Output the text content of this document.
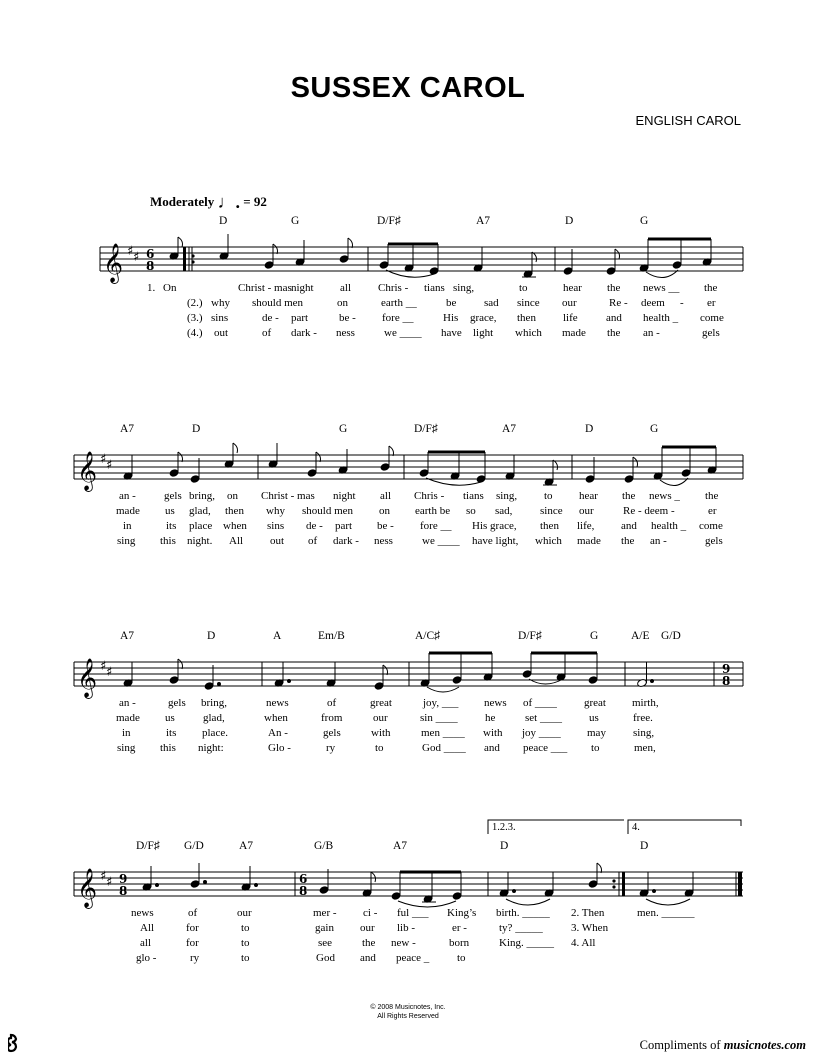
SUSSEX CAROL
ENGLISH CAROL
Moderately ♩. = 92
D	G	D/F♯	A7	D	G
𝄞 ♯ ♯ 6
8
1.
(2.)
(3.)
(4.)
On	Christ - mas night all Chris - tians sing,	to	hear the news __ the
why should men	on	earth __	be	sad since our	Re - deem - er
sins	de - part	be - fore __	His grace, then life	and health _ come
out	of dark - ness	we ____ have light which made the an -	gels
A7	D	G	D/F♯	A7	D	G
𝄞 ♯ ♯
an -	gels bring, on Christ - mas night all Chris - tians sing, to hear the news _ the
made us glad, then why should men on earth be so sad,	since our	Re - deem -	er
in	its place when sins de - part be - fore __ His grace, then life, and health _ come
sing this night. All out of dark - ness	we ____ have light, which made the an -	gels
A7	D	A	Em/B	A/C♯	D/F♯	G	A/E G/D
𝄞 ♯ ♯	9
8
an -	gels bring,	news	of	great	joy, ___ news of ____ great mirth,
made us	glad,	when	from	our	sin ____ he	set ____ us	free.
in	its place.	An -	gels	with	men ____ with joy ____ may sing,
sing this night:	Glo -	ry	to	God ____ and peace ___ to	men,
1.2.3.	4.
D/F♯ G/D	A7	G/B	A7	D	D
𝄞 ♯ ♯ 9
8
6
8
news	of	our	mer - ci - ful ___ King’s birth. _____ 2. Then	men. ______
All	for	to	gain our lib -	er -	ty? _____	3. When
all	for	to	see	the new -	born	King. _____ 4. All
glo -	ry	to	God and peace _	to
© 2008 Musicnotes, Inc.
All Rights Reserved
Compliments of musicnotes.com
